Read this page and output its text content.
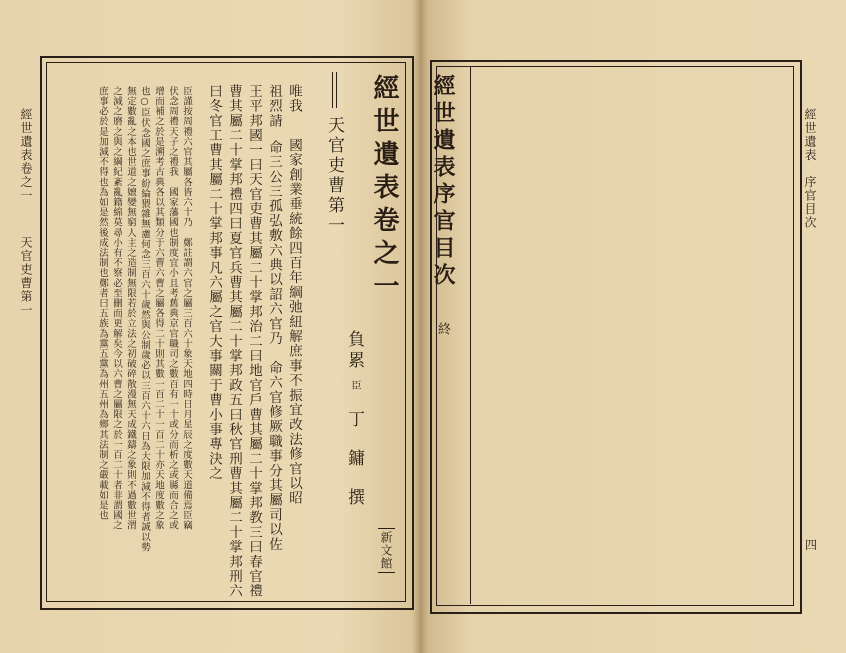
經世遺表卷之一
天官吏曹第一	經世遺表卷之一
天官吏曹第一
唯我
國家創業垂統餘四百年綱弛紐解庶事不振宜改法修官以昭
祖烈請
命三公三孤弘敷六典以詔六官乃　命六官修厥職事分其屬司以佐
王平邦國一曰天官吏曹其屬二十掌邦治二曰地官戶曹其屬二十掌邦教三曰春官禮
曹其屬二十掌邦禮四曰夏官兵曹其屬二十掌邦政五曰秋官刑曹其屬二十掌邦刑六
曰冬官工曹其屬二十掌邦事凡六屬之官大事關于曹小事專決之
臣謹按周禮六官其屬各皆六十乃　鄭註謂六官之屬三百六十象天地四時日月星辰之度數天道備焉臣竊
伏念周禮天子之禮我　國家藩國也制度宜小且考舊典京官職司之數百有一十或分而析之或縣而合之或
增而補之於是溯考古典各以其類分于六曹六曹之屬各得二十則其數一百二十一百二十亦天地度數之象
也○臣伏念國之庶事紛綸猥雜無慮何念三百六十歲然與公制歲必以三百六十六日為大限加減不得者誠以勢
無定數亂之本也世道之嬗變無窮人主之造制無限若於立法之初破碎散漫無天成鐵鑄之象則不過數世渭
之減之磨之與之綱紀紊亂籍綿莫尋小有不察必至刪而更解矣今以六曹之屬限之於一百二十者非謂國之
庶事必於是加減不得也為如是然後成法制也鄭者曰五族為黨五黨為州五州為鄉其法制之嚴載如是也	負累
臣
丁鏞撰
新文館
經世遺表序官目次
終
經世遺表　序官目次
四
